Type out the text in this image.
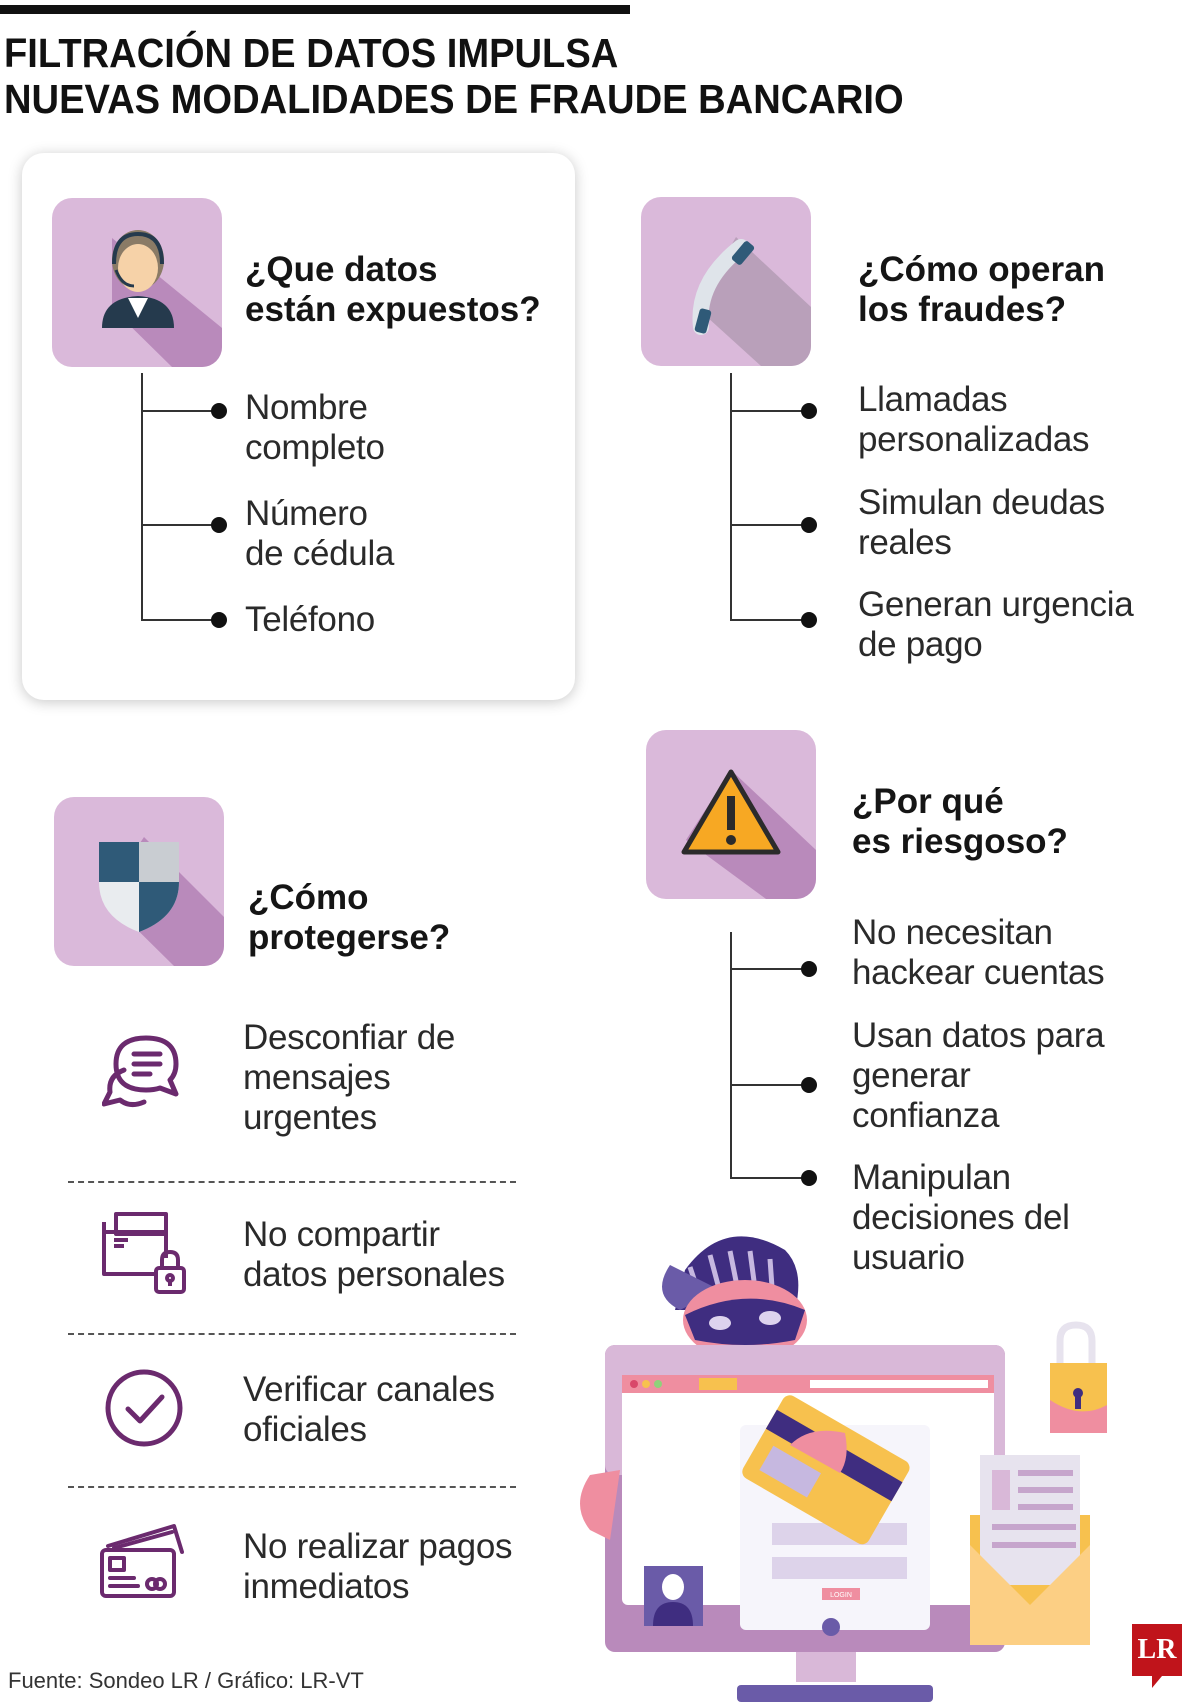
FILTRACIÓN DE DATOS IMPULSA
NUEVAS MODALIDADES DE FRAUDE BANCARIO
¿Que datos
están expuestos?
Nombre
completo
Número
de cédula
Teléfono
¿Cómo operan
los fraudes?
Llamadas
personalizadas
Simulan deudas
reales
Generan urgencia
de pago
¿Por qué
es riesgoso?
No necesitan
hackear cuentas
Usan datos para
generar
confianza
Manipulan
decisiones del
usuario
¿Cómo
protegerse?
Desconfiar de
mensajes
urgentes
No compartir
datos personales
Verificar canales
oficiales
No realizar pagos
inmediatos	LOGIN
LR
Fuente: Sondeo LR / Gráfico: LR-VT
